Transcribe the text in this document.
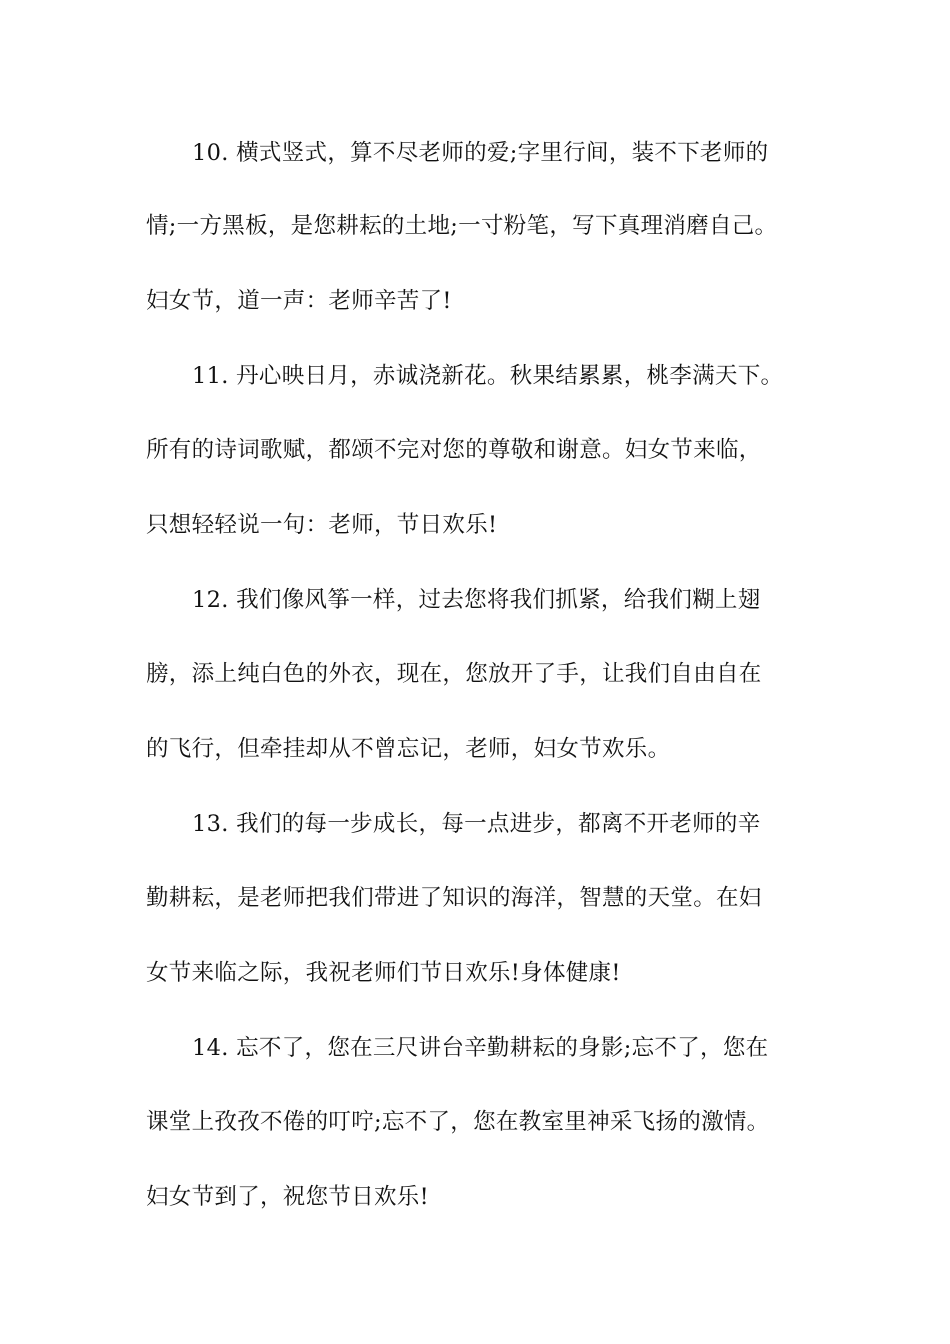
10. 横式竖式，算不尽老师的爱;字里行间，装不下老师的

情;一方黑板，是您耕耘的土地;一寸粉笔，写下真理消磨自己。

妇女节，道一声：老师辛苦了!

11. 丹心映日月，赤诚浇新花。秋果结累累，桃李满天下。

所有的诗词歌赋，都颂不完对您的尊敬和谢意。妇女节来临，

只想轻轻说一句：老师，节日欢乐!

12. 我们像风筝一样，过去您将我们抓紧，给我们糊上翅

膀，添上纯白色的外衣，现在，您放开了手，让我们自由自在

的飞行，但牵挂却从不曾忘记，老师，妇女节欢乐。

13. 我们的每一步成长，每一点进步，都离不开老师的辛

勤耕耘，是老师把我们带进了知识的海洋，智慧的天堂。在妇

女节来临之际，我祝老师们节日欢乐!身体健康!

14. 忘不了，您在三尺讲台辛勤耕耘的身影;忘不了，您在

课堂上孜孜不倦的叮咛;忘不了，您在教室里神采飞扬的激情。

妇女节到了，祝您节日欢乐!
